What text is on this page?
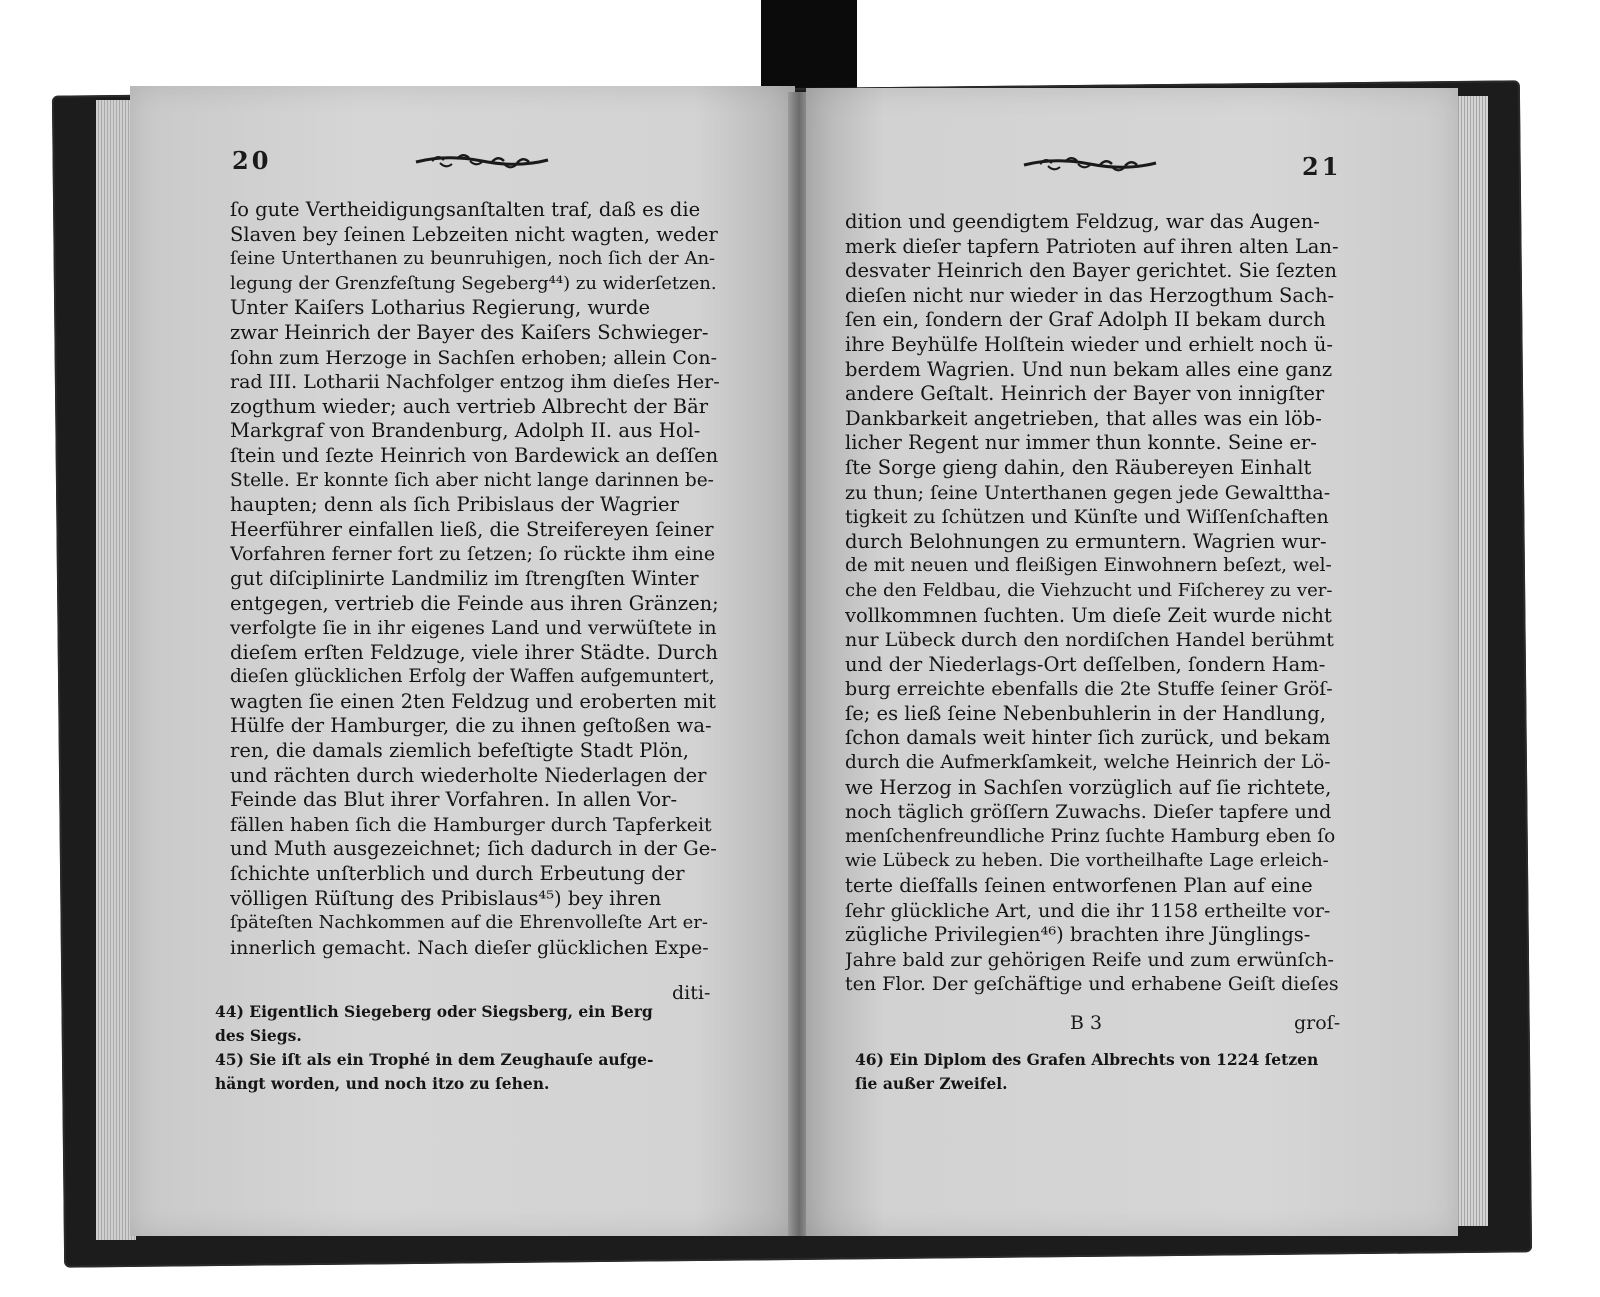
20
ſo gute Vertheidigungsanſtalten traf, daß es die
Slaven bey ſeinen Lebzeiten nicht wagten, weder
ſeine Unterthanen zu beunruhigen, noch ſich der An-
legung der Grenzfeſtung Segeberg⁴⁴) zu widerſetzen.
Unter Kaiſers Lotharius Regierung, wurde
zwar Heinrich der Bayer des Kaiſers Schwieger-
ſohn zum Herzoge in Sachſen erhoben; allein Con-
rad III. Lotharii Nachfolger entzog ihm dieſes Her-
zogthum wieder; auch vertrieb Albrecht der Bär
Markgraf von Brandenburg, Adolph II. aus Hol-
ſtein und ſezte Heinrich von Bardewick an deſſen
Stelle. Er konnte ſich aber nicht lange darinnen be-
haupten; denn als ſich Pribislaus der Wagrier
Heerführer einfallen ließ, die Streifereyen ſeiner
Vorfahren ferner fort zu ſetzen; ſo rückte ihm eine
gut diſciplinirte Landmiliz im ſtrengſten Winter
entgegen, vertrieb die Feinde aus ihren Gränzen;
verfolgte ſie in ihr eigenes Land und verwüſtete in
dieſem erſten Feldzuge, viele ihrer Städte. Durch
dieſen glücklichen Erfolg der Waffen aufgemuntert,
wagten ſie einen 2ten Feldzug und eroberten mit
Hülfe der Hamburger, die zu ihnen geſtoßen wa-
ren, die damals ziemlich befeſtigte Stadt Plön,
und rächten durch wiederholte Niederlagen der
Feinde das Blut ihrer Vorfahren. In allen Vor-
fällen haben ſich die Hamburger durch Tapferkeit
und Muth ausgezeichnet; ſich dadurch in der Ge-
ſchichte unſterblich und durch Erbeutung der
völligen Rüſtung des Pribislaus⁴⁵) bey ihren
ſpäteſten Nachkommen auf die Ehrenvolleſte Art er-
innerlich gemacht. Nach dieſer glücklichen Expe-
diti-
44) Eigentlich Siegeberg oder Siegsberg, ein Berg
des Siegs.
45) Sie iſt als ein Trophé in dem Zeughauſe aufge-
hängt worden, und noch itzo zu ſehen.
21
dition und geendigtem Feldzug, war das Augen-
merk dieſer tapfern Patrioten auf ihren alten Lan-
desvater Heinrich den Bayer gerichtet. Sie ſezten
dieſen nicht nur wieder in das Herzogthum Sach-
ſen ein, ſondern der Graf Adolph II bekam durch
ihre Beyhülfe Holſtein wieder und erhielt noch ü-
berdem Wagrien. Und nun bekam alles eine ganz
andere Geſtalt. Heinrich der Bayer von innigſter
Dankbarkeit angetrieben, that alles was ein löb-
licher Regent nur immer thun konnte. Seine er-
ſte Sorge gieng dahin, den Räubereyen Einhalt
zu thun; ſeine Unterthanen gegen jede Gewalttha-
tigkeit zu ſchützen und Künſte und Wiſſenſchaften
durch Belohnungen zu ermuntern. Wagrien wur-
de mit neuen und fleißigen Einwohnern beſezt, wel-
che den Feldbau, die Viehzucht und Fiſcherey zu ver-
vollkommnen ſuchten. Um dieſe Zeit wurde nicht
nur Lübeck durch den nordiſchen Handel berühmt
und der Niederlags-Ort deſſelben, ſondern Ham-
burg erreichte ebenfalls die 2te Stuffe ſeiner Gröſ-
ſe; es ließ ſeine Nebenbuhlerin in der Handlung,
ſchon damals weit hinter ſich zurück, und bekam
durch die Aufmerkſamkeit, welche Heinrich der Lö-
we Herzog in Sachſen vorzüglich auf ſie richtete,
noch täglich gröſſern Zuwachs. Dieſer tapfere und
menſchenfreundliche Prinz ſuchte Hamburg eben ſo
wie Lübeck zu heben. Die vortheilhafte Lage erleich-
terte dieſfalls ſeinen entworfenen Plan auf eine
ſehr glückliche Art, und die ihr 1158 ertheilte vor-
zügliche Privilegien⁴⁶) brachten ihre Jünglings-
Jahre bald zur gehörigen Reife und zum erwünſch-
ten Flor. Der geſchäftige und erhabene Geiſt dieſes
B 3	groſ-
46) Ein Diplom des Grafen Albrechts von 1224 ſetzen
ſie außer Zweifel.
